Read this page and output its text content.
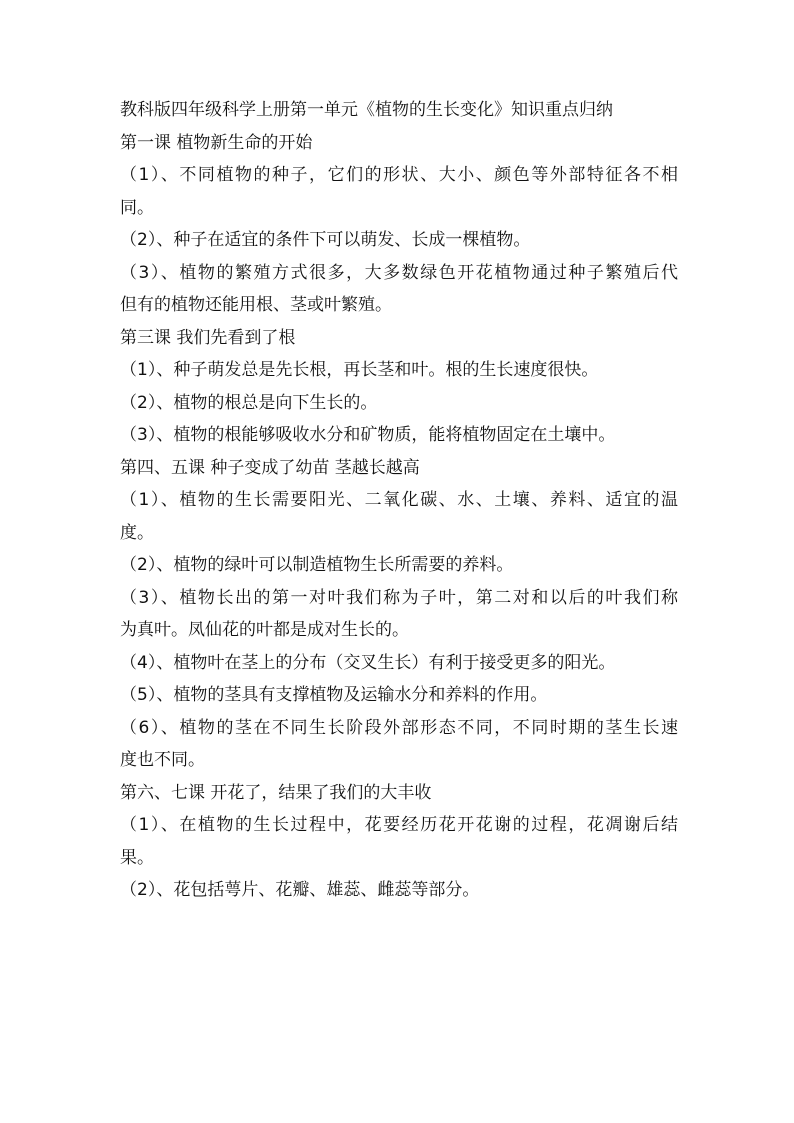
教科版四年级科学上册第一单元《植物的生长变化》知识重点归纳
第一课 植物新生命的开始
（1）、不同植物的种子，它们的形状、大小、颜色等外部特征各不相
同。
（2）、种子在适宜的条件下可以萌发、长成一棵植物。
（3）、植物的繁殖方式很多，大多数绿色开花植物通过种子繁殖后代
但有的植物还能用根、茎或叶繁殖。
第三课 我们先看到了根
（1）、种子萌发总是先长根，再长茎和叶。根的生长速度很快。
（2）、植物的根总是向下生长的。
（3）、植物的根能够吸收水分和矿物质，能将植物固定在土壤中。
第四、五课 种子变成了幼苗 茎越长越高
（1）、植物的生长需要阳光、二氧化碳、水、土壤、养料、适宜的温
度。
（2）、植物的绿叶可以制造植物生长所需要的养料。
（3）、植物长出的第一对叶我们称为子叶，第二对和以后的叶我们称
为真叶。凤仙花的叶都是成对生长的。
（4）、植物叶在茎上的分布（交叉生长）有利于接受更多的阳光。
（5）、植物的茎具有支撑植物及运输水分和养料的作用。
（6）、植物的茎在不同生长阶段外部形态不同，不同时期的茎生长速
度也不同。
第六、七课 开花了，结果了我们的大丰收
（1）、在植物的生长过程中，花要经历花开花谢的过程，花凋谢后结
果。
（2）、花包括萼片、花瓣、雄蕊、雌蕊等部分。
